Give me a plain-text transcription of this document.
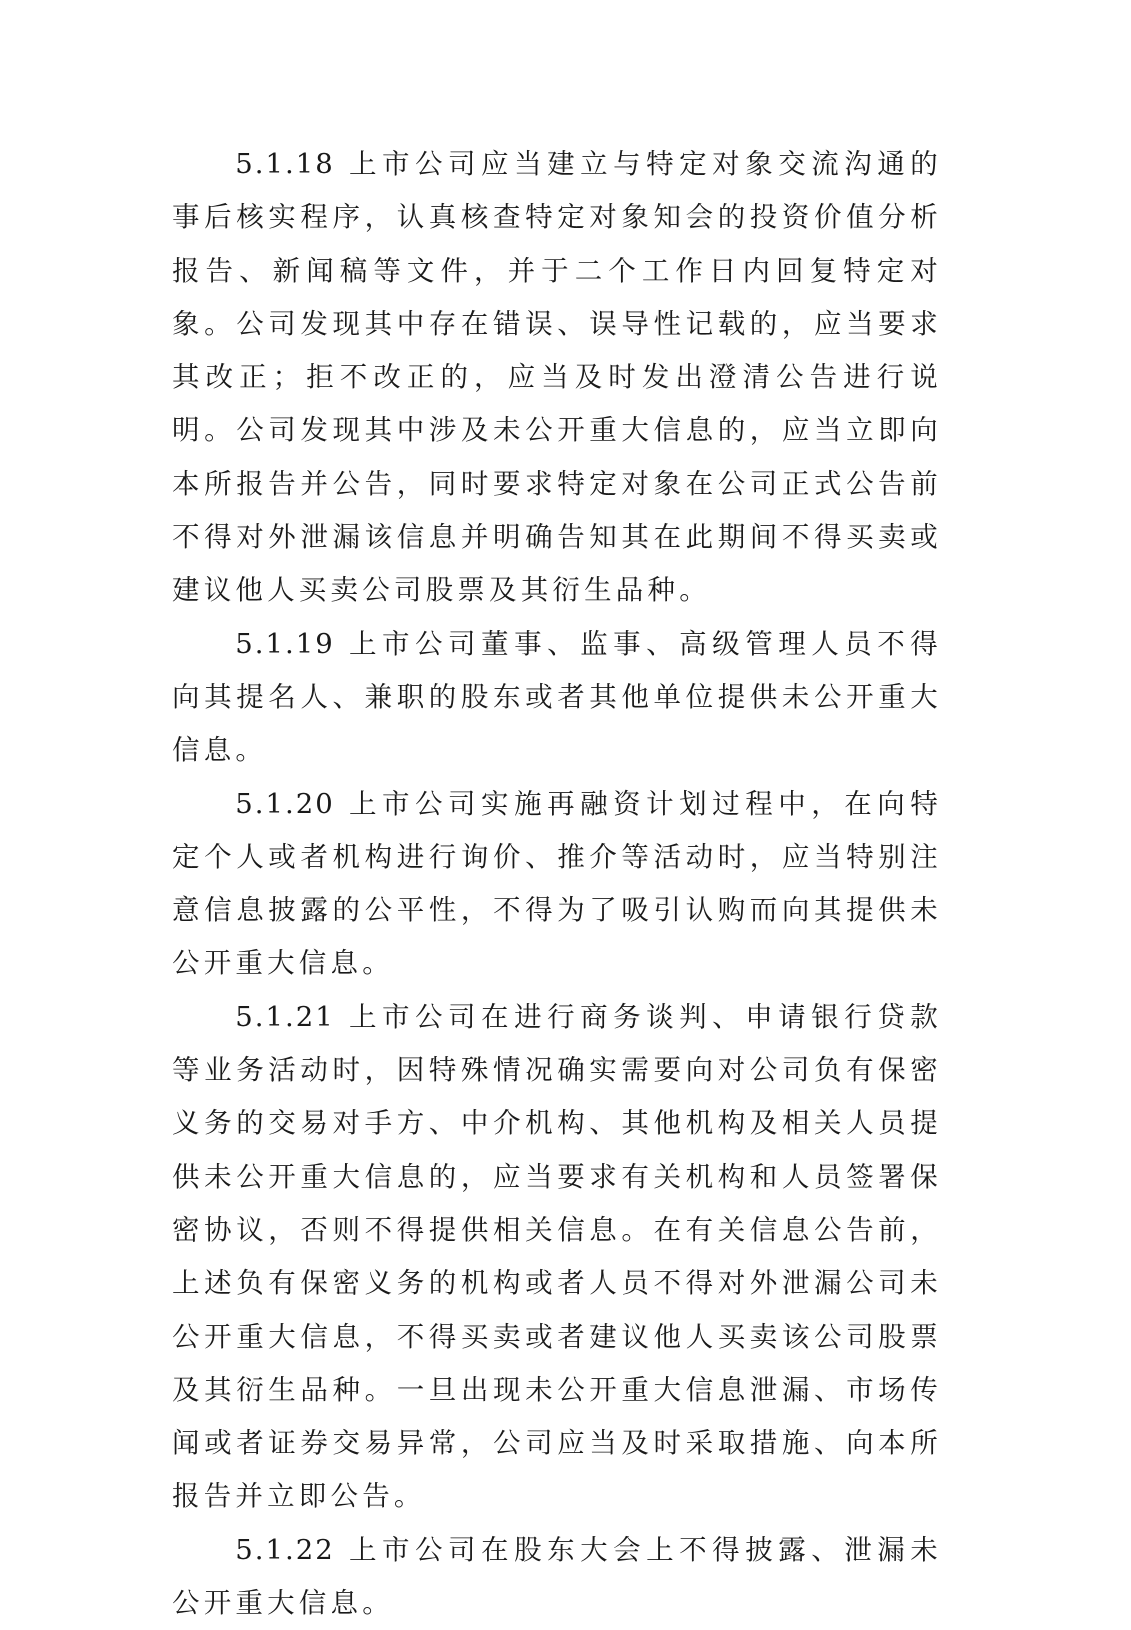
5.1.18 上市公司应当建立与特定对象交流沟通的事后核实程序，认真核查特定对象知会的投资价值分析报告、新闻稿等文件，并于二个工作日内回复特定对象。公司发现其中存在错误、误导性记载的，应当要求其改正；拒不改正的，应当及时发出澄清公告进行说明。公司发现其中涉及未公开重大信息的，应当立即向本所报告并公告，同时要求特定对象在公司正式公告前不得对外泄漏该信息并明确告知其在此期间不得买卖或建议他人买卖公司股票及其衍生品种。

5.1.19 上市公司董事、监事、高级管理人员不得向其提名人、兼职的股东或者其他单位提供未公开重大信息。

5.1.20 上市公司实施再融资计划过程中，在向特定个人或者机构进行询价、推介等活动时，应当特别注意信息披露的公平性，不得为了吸引认购而向其提供未公开重大信息。

5.1.21 上市公司在进行商务谈判、申请银行贷款等业务活动时，因特殊情况确实需要向对公司负有保密义务的交易对手方、中介机构、其他机构及相关人员提供未公开重大信息的，应当要求有关机构和人员签署保密协议，否则不得提供相关信息。在有关信息公告前，上述负有保密义务的机构或者人员不得对外泄漏公司未公开重大信息，不得买卖或者建议他人买卖该公司股票及其衍生品种。一旦出现未公开重大信息泄漏、市场传闻或者证券交易异常，公司应当及时采取措施、向本所报告并立即公告。

5.1.22 上市公司在股东大会上不得披露、泄漏未公开重大信息。
